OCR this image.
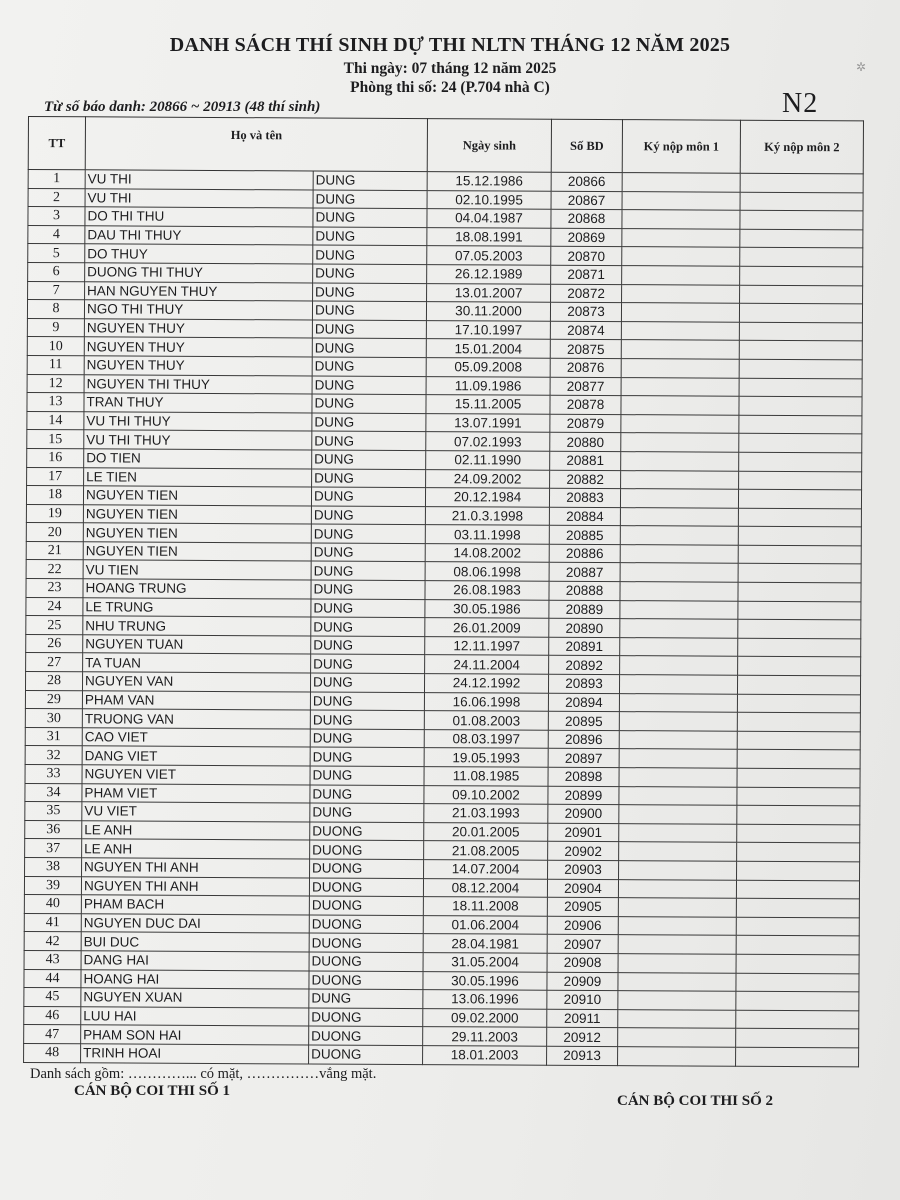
DANH SÁCH THÍ SINH DỰ THI NLTN THÁNG 12 NĂM 2025
Thi ngày: 07 tháng 12 năm 2025
Phòng thi số: 24 (P.704 nhà C)
Từ số báo danh: 20866 ~ 20913 (48 thí sinh)	N2
✲
TT	Họ và tên		Ngày sinh	Số BD	Ký nộp môn 1	Ký nộp môn 2
1	VU THI	DUNG	15.12.1986	20866		
2	VU THI	DUNG	02.10.1995	20867		
3	DO THI THU	DUNG	04.04.1987	20868		
4	DAU THI THUY	DUNG	18.08.1991	20869		
5	DO THUY	DUNG	07.05.2003	20870		
6	DUONG THI THUY	DUNG	26.12.1989	20871		
7	HAN NGUYEN THUY	DUNG	13.01.2007	20872		
8	NGO THI THUY	DUNG	30.11.2000	20873		
9	NGUYEN THUY	DUNG	17.10.1997	20874		
10	NGUYEN THUY	DUNG	15.01.2004	20875		
11	NGUYEN THUY	DUNG	05.09.2008	20876		
12	NGUYEN THI THUY	DUNG	11.09.1986	20877		
13	TRAN THUY	DUNG	15.11.2005	20878		
14	VU THI THUY	DUNG	13.07.1991	20879		
15	VU THI THUY	DUNG	07.02.1993	20880		
16	DO TIEN	DUNG	02.11.1990	20881		
17	LE TIEN	DUNG	24.09.2002	20882		
18	NGUYEN TIEN	DUNG	20.12.1984	20883		
19	NGUYEN TIEN	DUNG	21.0.3.1998	20884		
20	NGUYEN TIEN	DUNG	03.11.1998	20885		
21	NGUYEN TIEN	DUNG	14.08.2002	20886		
22	VU TIEN	DUNG	08.06.1998	20887		
23	HOANG TRUNG	DUNG	26.08.1983	20888		
24	LE TRUNG	DUNG	30.05.1986	20889		
25	NHU TRUNG	DUNG	26.01.2009	20890		
26	NGUYEN TUAN	DUNG	12.11.1997	20891		
27	TA TUAN	DUNG	24.11.2004	20892		
28	NGUYEN VAN	DUNG	24.12.1992	20893		
29	PHAM VAN	DUNG	16.06.1998	20894		
30	TRUONG VAN	DUNG	01.08.2003	20895		
31	CAO VIET	DUNG	08.03.1997	20896		
32	DANG VIET	DUNG	19.05.1993	20897		
33	NGUYEN VIET	DUNG	11.08.1985	20898		
34	PHAM VIET	DUNG	09.10.2002	20899		
35	VU VIET	DUNG	21.03.1993	20900		
36	LE ANH	DUONG	20.01.2005	20901		
37	LE ANH	DUONG	21.08.2005	20902		
38	NGUYEN THI ANH	DUONG	14.07.2004	20903		
39	NGUYEN THI ANH	DUONG	08.12.2004	20904		
40	PHAM BACH	DUONG	18.11.2008	20905		
41	NGUYEN DUC DAI	DUONG	01.06.2004	20906		
42	BUI DUC	DUONG	28.04.1981	20907		
43	DANG HAI	DUONG	31.05.2004	20908		
44	HOANG HAI	DUONG	30.05.1996	20909		
45	NGUYEN XUAN	DUNG	13.06.1996	20910		
46	LUU HAI	DUONG	09.02.2000	20911		
47	PHAM SON HAI	DUONG	29.11.2003	20912		
48	TRINH HOAI	DUONG	18.01.2003	20913		
Danh sách gồm: …………... có mặt, ……………vắng mặt.
CÁN BỘ COI THI SỐ 1
CÁN BỘ COI THI SỐ 2
